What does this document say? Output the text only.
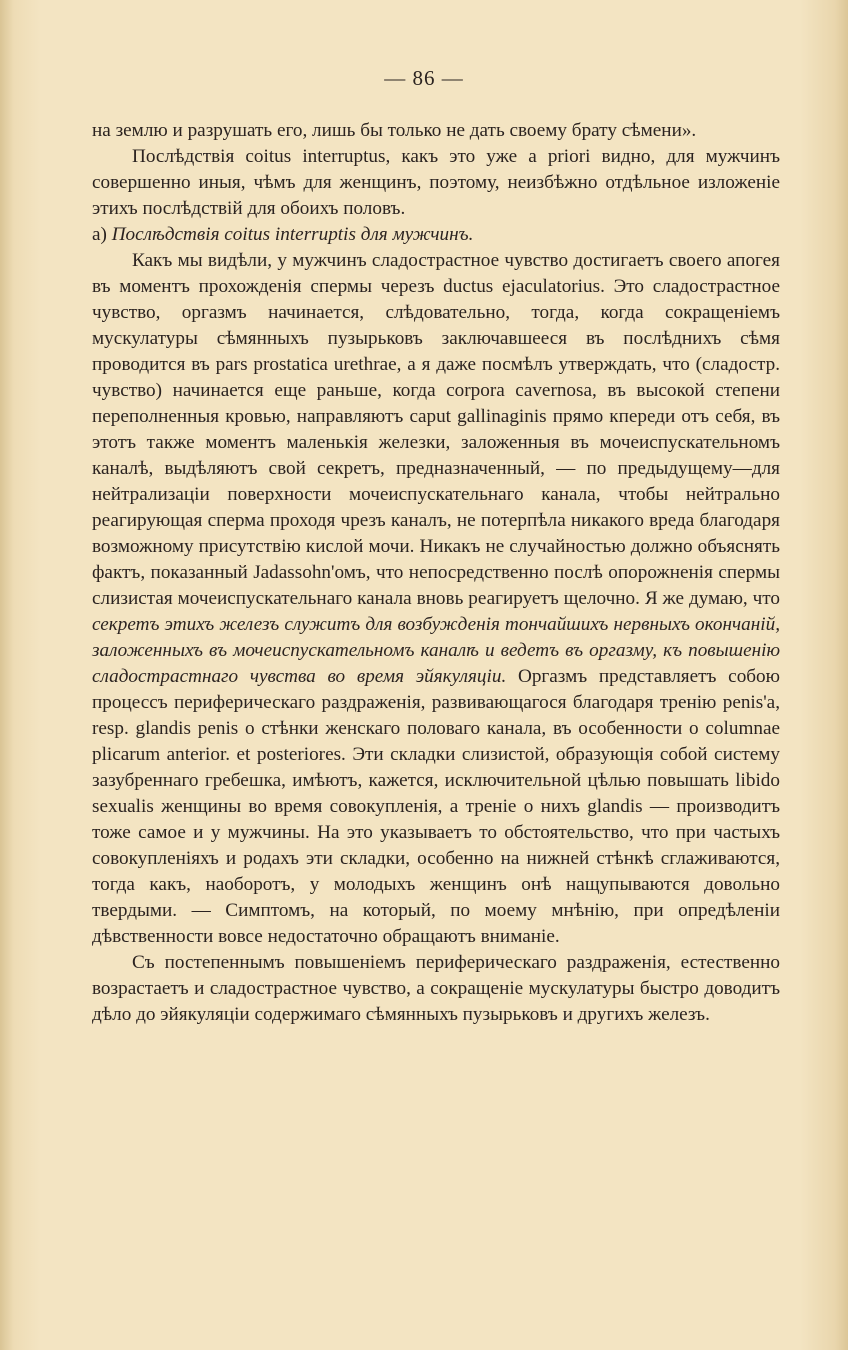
— 86 —

на землю и разрушать его, лишь бы только не дать своему брату сѣмени».

Послѣдствія coitus interruptus, какъ это уже a priori видно, для мужчинъ совершенно иныя, чѣмъ для женщинъ, поэтому, неизбѣжно отдѣльное изложеніе этихъ послѣдствій для обоихъ половъ.

а) Послѣдствія coitus interruptis для мужчинъ.

Какъ мы видѣли, у мужчинъ сладострастное чувство достигаетъ своего апогея въ моментъ прохожденія спермы черезъ ductus ejaculatorius. Это сладострастное чувство, оргазмъ начинается, слѣдовательно, тогда, когда сокращеніемъ мускулатуры сѣмянныхъ пузырьковъ заключавшееся въ послѣднихъ сѣмя проводится въ pars prostatica urethrae, а я даже посмѣлъ утверждать, что (сладостр. чувство) начинается еще раньше, когда corpora cavernosa, въ высокой степени переполненныя кровью, направляютъ caput gallinaginis прямо кпереди отъ себя, въ этотъ также моментъ маленькія железки, заложенныя въ мочеиспускательномъ каналѣ, выдѣляютъ свой секретъ, предназначенный, — по предыдущему—для нейтрализаціи поверхности мочеиспускательнаго канала, чтобы нейтрально реагирующая сперма проходя чрезъ каналъ, не потерпѣла никакого вреда благодаря возможному присутствію кислой мочи. Никакъ не случайностью должно объяснять фактъ, показанный Jadassohn'омъ, что непосредственно послѣ опорожненія спермы слизистая мочеиспускательнаго канала вновь реагируетъ щелочно. Я же думаю, что секретъ этихъ железъ служитъ для возбужденія тончайшихъ нервныхъ окончаній, заложенныхъ въ мочеиспускательномъ каналѣ и ведетъ въ оргазму, къ повышенію сладострастнаго чувства во время эйякуляціи. Оргазмъ представляетъ собою процессъ периферическаго раздраженія, развивающагося благодаря тренію penis'а, resp. glandis penis о стѣнки женскаго половаго канала, въ особенности о columnae plicarum anterior. et posteriores. Эти складки слизистой, образующія собой систему зазубреннаго гребешка, имѣютъ, кажется, исключительной цѣлью повышать libido sexualis женщины во время совокупленія, а треніе о нихъ glandis — производитъ тоже самое и у мужчины. На это указываетъ то обстоятельство, что при частыхъ совокупленіяхъ и родахъ эти складки, особенно на нижней стѣнкѣ сглаживаются, тогда какъ, наоборотъ, у молодыхъ женщинъ онѣ нащупываются довольно твердыми. — Симптомъ, на который, по моему мнѣнію, при опредѣленіи дѣвственности вовсе недостаточно обращаютъ вниманіе.

Съ постепеннымъ повышеніемъ периферическаго раздраженія, естественно возрастаетъ и сладострастное чувство, а сокращеніе мускулатуры быстро доводитъ дѣло до эйякуляціи содержимаго сѣмянныхъ пузырьковъ и другихъ железъ.
